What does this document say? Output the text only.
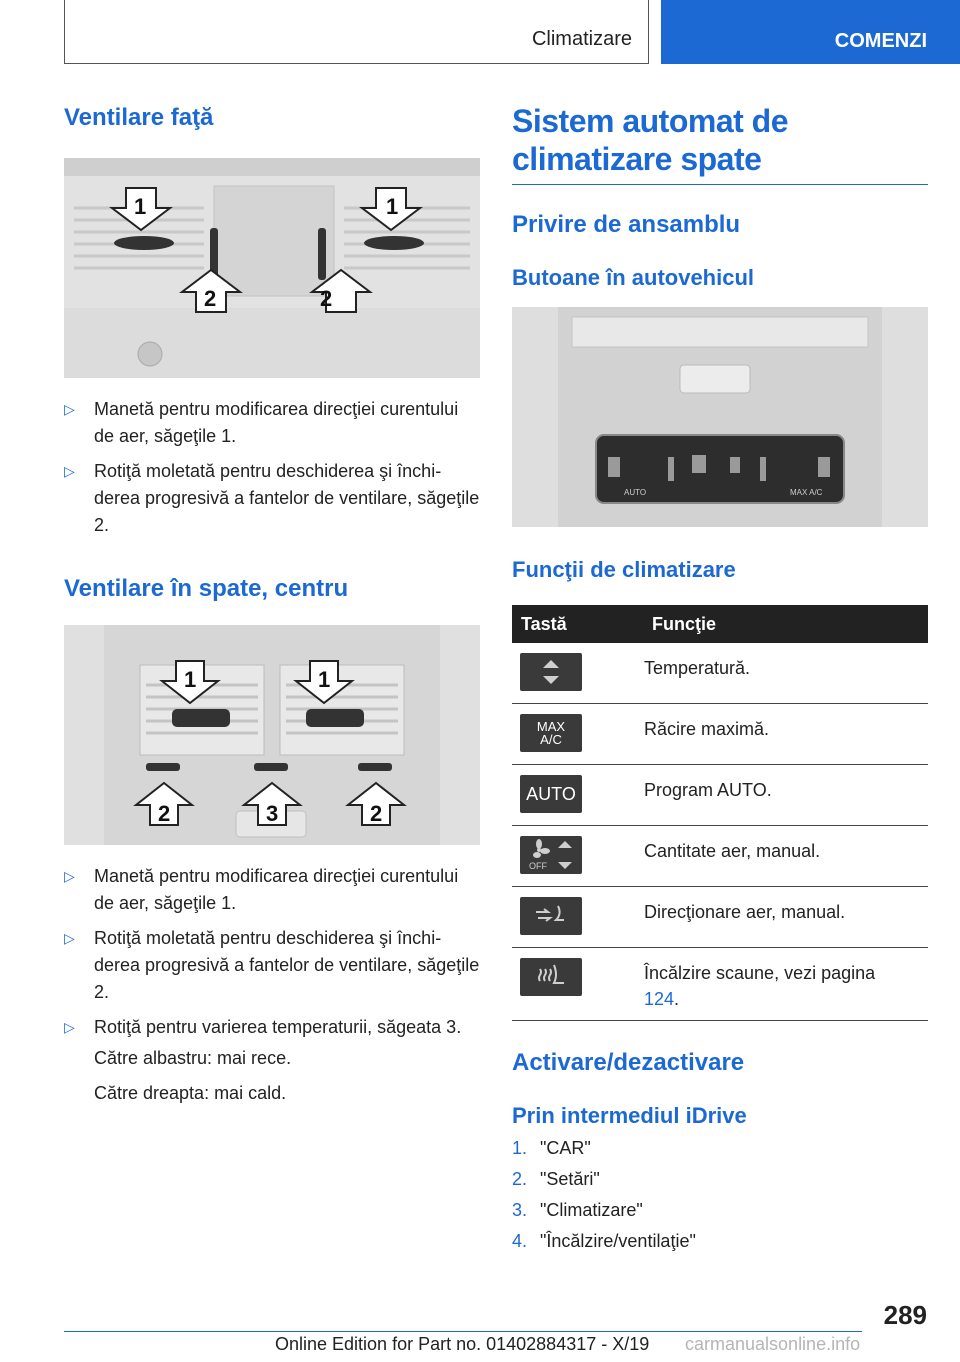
Climatizare	COMENZI
Ventilare faţă
1	1
2	2
▷ Manetă pentru modificarea direcţiei curentului de aer, săgeţile 1.
▷ Rotiţă moletată pentru deschiderea şi închiderea progresivă a fantelor de ventilare, săgeţile 2.
Ventilare în spate, centru
1	1
2	3	2
▷ Manetă pentru modificarea direcţiei curentului de aer, săgeţile 1.
▷ Rotiţă moletată pentru deschiderea şi închiderea progresivă a fantelor de ventilare, săgeţile 2.
▷ Rotiţă pentru varierea temperaturii, săgeata 3.
Către albastru: mai rece.
Către dreapta: mai cald.
Sistem automat de climatizare spate
Privire de ansamblu
Butoane în autovehicul
AUTO	MAX A/C
Funcţii de climatizare
Tastă	Funcţie

	Temperatură.

MAX A/C	Răcire maximă.

AUTO	Program AUTO.

OFF	Cantitate aer, manual.

	Direcţionare aer, manual.

	Încălzire scaune, vezi pagina 124.
Activare/dezactivare
Prin intermediul iDrive
1. "CAR"
2. "Setări"
3. "Climatizare"
4. "Încălzire/ventilaţie"
289
Online Edition for Part no. 01402884317 - X/19 carmanualsonline.info
